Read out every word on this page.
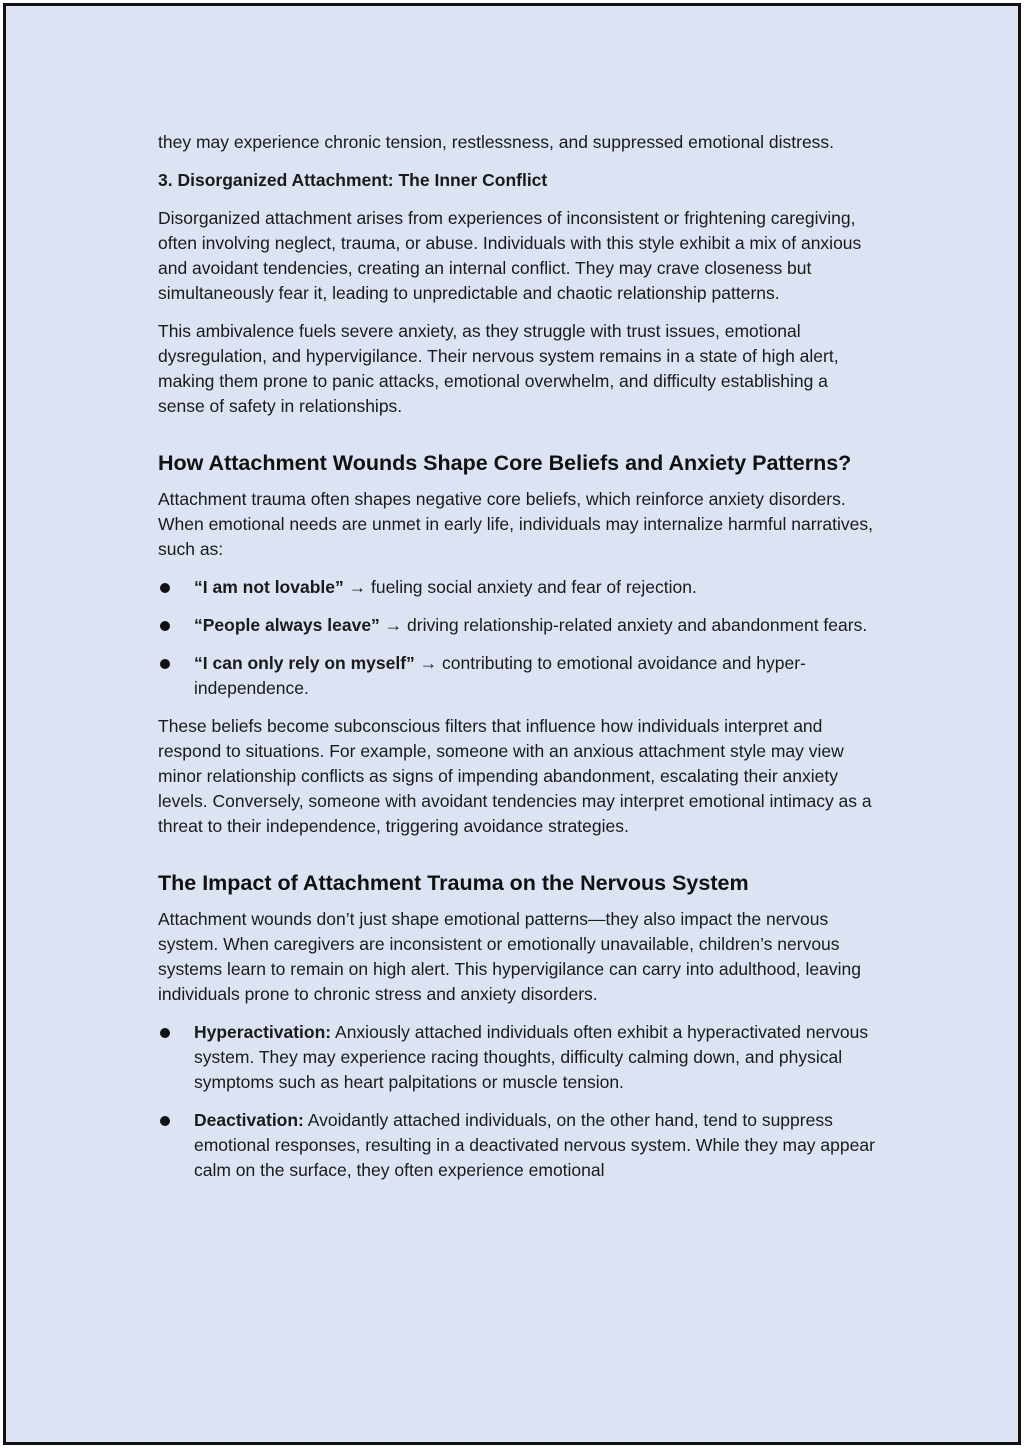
they may experience chronic tension, restlessness, and suppressed emotional distress.

3. Disorganized Attachment: The Inner Conflict

Disorganized attachment arises from experiences of inconsistent or frightening caregiving, often involving neglect, trauma, or abuse. Individuals with this style exhibit a mix of anxious and avoidant tendencies, creating an internal conflict. They may crave closeness but simultaneously fear it, leading to unpredictable and chaotic relationship patterns.

This ambivalence fuels severe anxiety, as they struggle with trust issues, emotional dysregulation, and hypervigilance. Their nervous system remains in a state of high alert, making them prone to panic attacks, emotional overwhelm, and difficulty establishing a sense of safety in relationships.

How Attachment Wounds Shape Core Beliefs and Anxiety Patterns?

Attachment trauma often shapes negative core beliefs, which reinforce anxiety disorders. When emotional needs are unmet in early life, individuals may internalize harmful narratives, such as:

“I am not lovable” → fueling social anxiety and fear of rejection.
“People always leave” → driving relationship-related anxiety and abandonment fears.
“I can only rely on myself” → contributing to emotional avoidance and hyper-independence.

These beliefs become subconscious filters that influence how individuals interpret and respond to situations. For example, someone with an anxious attachment style may view minor relationship conflicts as signs of impending abandonment, escalating their anxiety levels. Conversely, someone with avoidant tendencies may interpret emotional intimacy as a threat to their independence, triggering avoidance strategies.

The Impact of Attachment Trauma on the Nervous System

Attachment wounds don’t just shape emotional patterns—they also impact the nervous system. When caregivers are inconsistent or emotionally unavailable, children’s nervous systems learn to remain on high alert. This hypervigilance can carry into adulthood, leaving individuals prone to chronic stress and anxiety disorders.

Hyperactivation: Anxiously attached individuals often exhibit a hyperactivated nervous system. They may experience racing thoughts, difficulty calming down, and physical symptoms such as heart palpitations or muscle tension.
Deactivation: Avoidantly attached individuals, on the other hand, tend to suppress emotional responses, resulting in a deactivated nervous system. While they may appear calm on the surface, they often experience emotional
